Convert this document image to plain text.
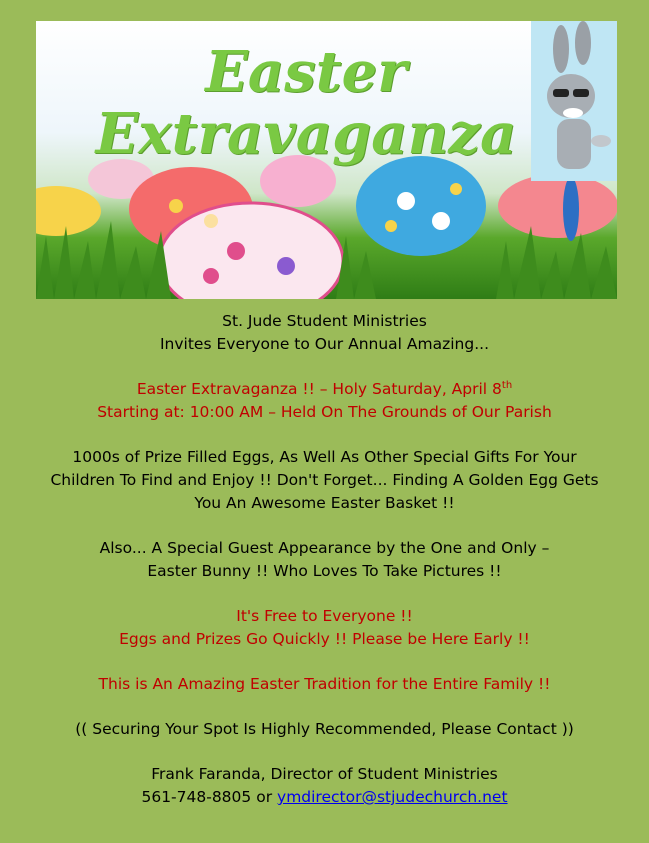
Easter
Extravaganza

St. Jude Student Ministries
Invites Everyone to Our Annual Amazing...

Easter Extravaganza !! – Holy Saturday, April 8th
Starting at: 10:00 AM – Held On The Grounds of Our Parish

1000s of Prize Filled Eggs, As Well As Other Special Gifts For Your
Children To Find and Enjoy !! Don't Forget... Finding A Golden Egg Gets
You An Awesome Easter Basket !!

Also... A Special Guest Appearance by the One and Only –
Easter Bunny !! Who Loves To Take Pictures !!

It's Free to Everyone !!
Eggs and Prizes Go Quickly !! Please be Here Early !!

This is An Amazing Easter Tradition for the Entire Family !!

(( Securing Your Spot Is Highly Recommended, Please Contact ))

Frank Faranda, Director of Student Ministries
561-748-8805 or ymdirector@stjudechurch.net
